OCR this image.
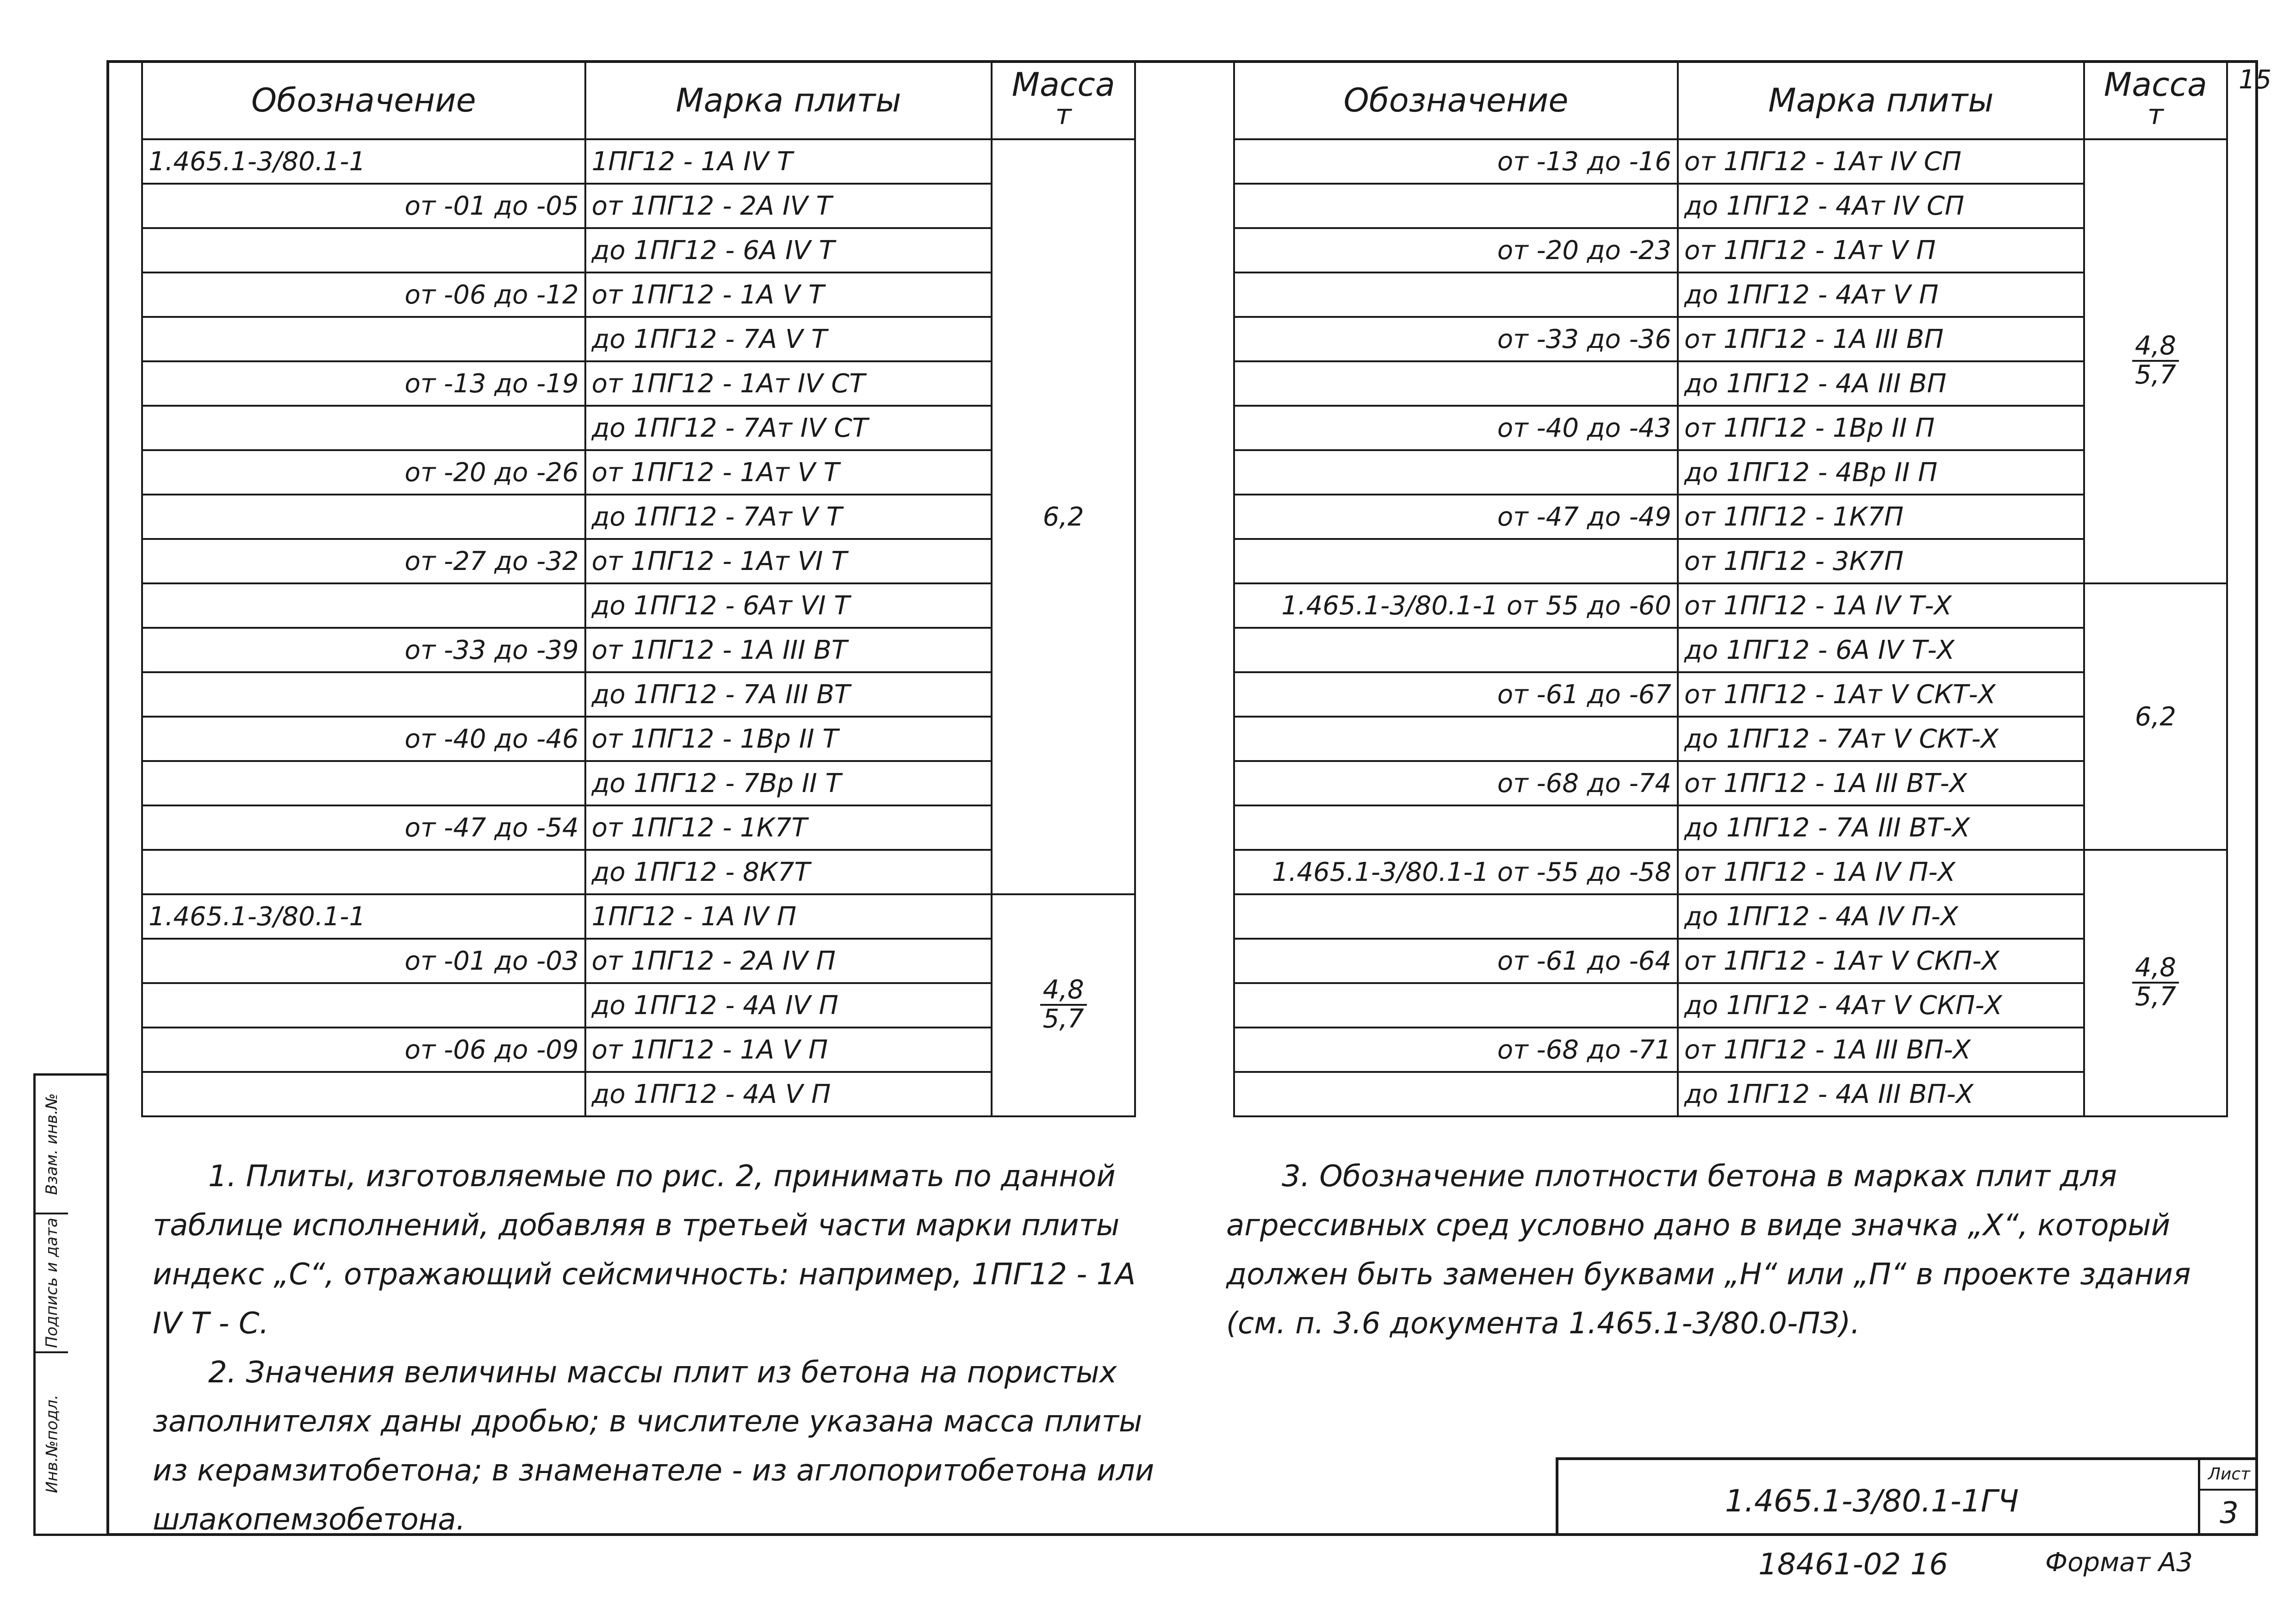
15
Инв.№подл.
Подпись и дата
Взам. инв.№
Обозначение	Марка плиты	Масса
т

1.465.1-3/80.1-1	1ПГ12 - 1А IV Т	6,2
от -01 до -05	от 1ПГ12 - 2А IV Т	
	до 1ПГ12 - 6А IV Т	
от -06 до -12	от 1ПГ12 - 1А V Т	
	до 1ПГ12 - 7А V Т	
от -13 до -19	от 1ПГ12 - 1Ат IV СТ	
	до 1ПГ12 - 7Ат IV СТ	
от -20 до -26	от 1ПГ12 - 1Ат V Т	
	до 1ПГ12 - 7Ат V Т	
от -27 до -32	от 1ПГ12 - 1Ат VI Т	
	до 1ПГ12 - 6Ат VI Т	
от -33 до -39	от 1ПГ12 - 1А III ВТ	
	до 1ПГ12 - 7А III ВТ	
от -40 до -46	от 1ПГ12 - 1Вр II Т	
	до 1ПГ12 - 7Вр II Т	
от -47 до -54	от 1ПГ12 - 1К7Т	
	до 1ПГ12 - 8К7Т	
1.465.1-3/80.1-1	1ПГ12 - 1А IV П	$\frac{4,8}{5,7}$

от -01 до -03	от 1ПГ12 - 2А IV П	
	до 1ПГ12 - 4А IV П	
от -06 до -09	от 1ПГ12 - 1А V П	
	до 1ПГ12 - 4А V П	
Обозначение	Марка плиты	Масса
т

от -13 до -16	от 1ПГ12 - 1Ат IV СП	$\frac{4,8}{5,7}$

	до 1ПГ12 - 4Ат IV СП	
от -20 до -23	от 1ПГ12 - 1Ат V П	
	до 1ПГ12 - 4Ат V П	
от -33 до -36	от 1ПГ12 - 1А III ВП	
	до 1ПГ12 - 4А III ВП	
от -40 до -43	от 1ПГ12 - 1Вр II П	
	до 1ПГ12 - 4Вр II П	
от -47 до -49	от 1ПГ12 - 1К7П	
	от 1ПГ12 - 3К7П	
1.465.1-3/80.1-1 от 55 до -60	от 1ПГ12 - 1А IV Т-Х	6,2
	до 1ПГ12 - 6А IV Т-Х	
от -61 до -67	от 1ПГ12 - 1Ат V СКТ-Х	
	до 1ПГ12 - 7Ат V СКТ-Х	
от -68 до -74	от 1ПГ12 - 1А III ВТ-Х	
	до 1ПГ12 - 7А III ВТ-Х	
1.465.1-3/80.1-1 от -55 до -58	от 1ПГ12 - 1А IV П-Х	$\frac{4,8}{5,7}$

	до 1ПГ12 - 4А IV П-Х	
от -61 до -64	от 1ПГ12 - 1Ат V СКП-Х	
	до 1ПГ12 - 4Ат V СКП-Х	
от -68 до -71	от 1ПГ12 - 1А III ВП-Х	
	до 1ПГ12 - 4А III ВП-Х	

1. Плиты, изготовляемые по рис. 2, принимать по данной таблице исполнений, добавляя в третьей части марки плиты индекс „С“, отражающий сейсмичность: например, 1ПГ12 - 1А IV Т - С.

2. Значения величины массы плит из бетона на пористых заполнителях даны дробью; в числителе указана масса плиты из керамзитобетона; в знаменателе - из аглопоритобетона или шлакопемзобетона.

3. Обозначение плотности бетона в марках плит для агрессивных сред условно дано в виде значка „Х“, который должен быть заменен буквами „Н“ или „П“ в проекте здания (см. п. 3.6 документа 1.465.1-3/80.0-ПЗ).

1.465.1-3/80.1-1ГЧ
Лист
3
18461-02 16	Формат А3
